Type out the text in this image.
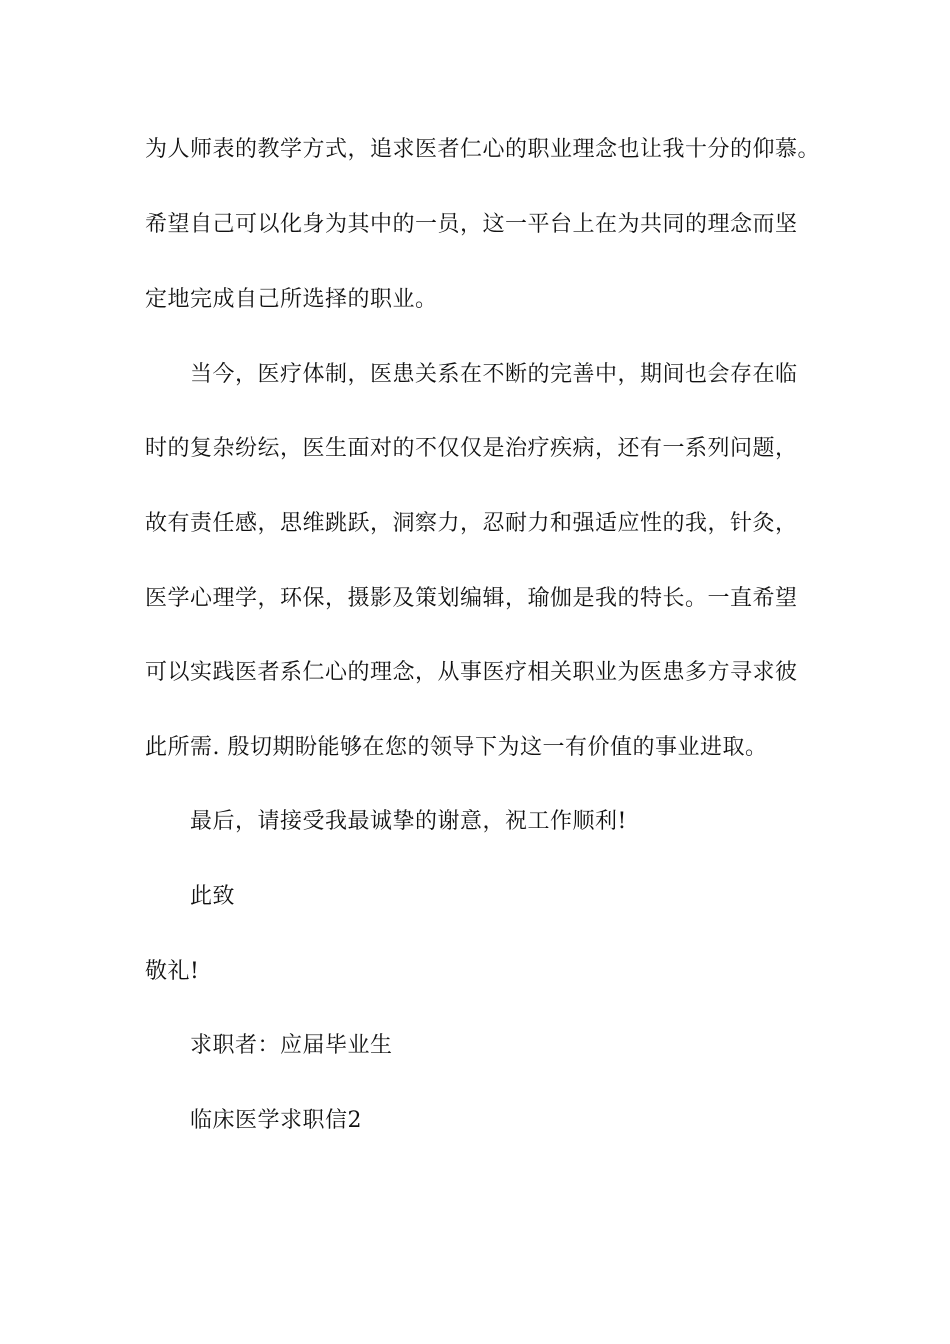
为人师表的教学方式，追求医者仁心的职业理念也让我十分的仰慕。
希望自己可以化身为其中的一员，这一平台上在为共同的理念而坚
定地完成自己所选择的职业。
当今，医疗体制，医患关系在不断的完善中，期间也会存在临
时的复杂纷纭，医生面对的不仅仅是治疗疾病，还有一系列问题，
故有责任感，思维跳跃，洞察力，忍耐力和强适应性的我，针灸，
医学心理学，环保，摄影及策划编辑，瑜伽是我的特长。一直希望
可以实践医者系仁心的理念，从事医疗相关职业为医患多方寻求彼
此所需. 殷切期盼能够在您的领导下为这一有价值的事业进取。
最后，请接受我最诚挚的谢意，祝工作顺利!
此致
敬礼!
求职者：应届毕业生
临床医学求职信2
